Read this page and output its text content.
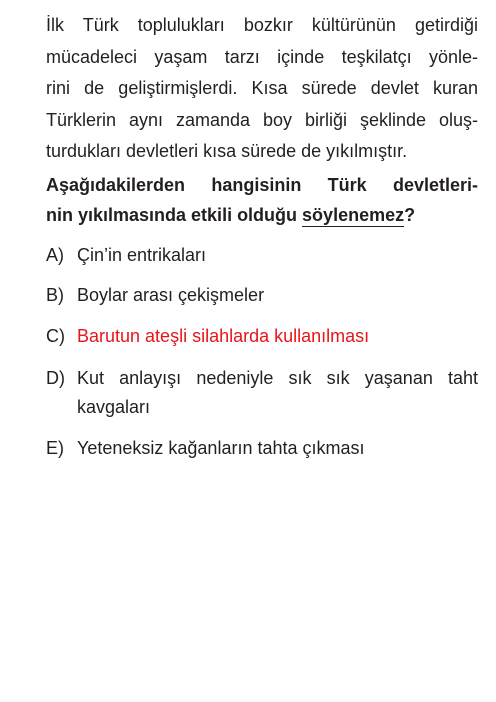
İlk Türk toplulukları bozkır kültürünün getirdiği
mücadeleci yaşam tarzı içinde teşkilatçı yönle-
rini de geliştirmişlerdi. Kısa sürede devlet kuran
Türklerin aynı zamanda boy birliği şeklinde oluş-
turdukları devletleri kısa sürede de yıkılmıştır.
Aşağıdakilerden hangisinin Türk devletleri-
nin yıkılmasında etkili olduğu söylenemez?
A) Çin’in entrikaları
B) Boylar arası çekişmeler
C) Barutun ateşli silahlarda kullanılması
D) Kut anlayışı nedeniyle sık sık yaşanan taht
kavgaları
E) Yeteneksiz kağanların tahta çıkması
